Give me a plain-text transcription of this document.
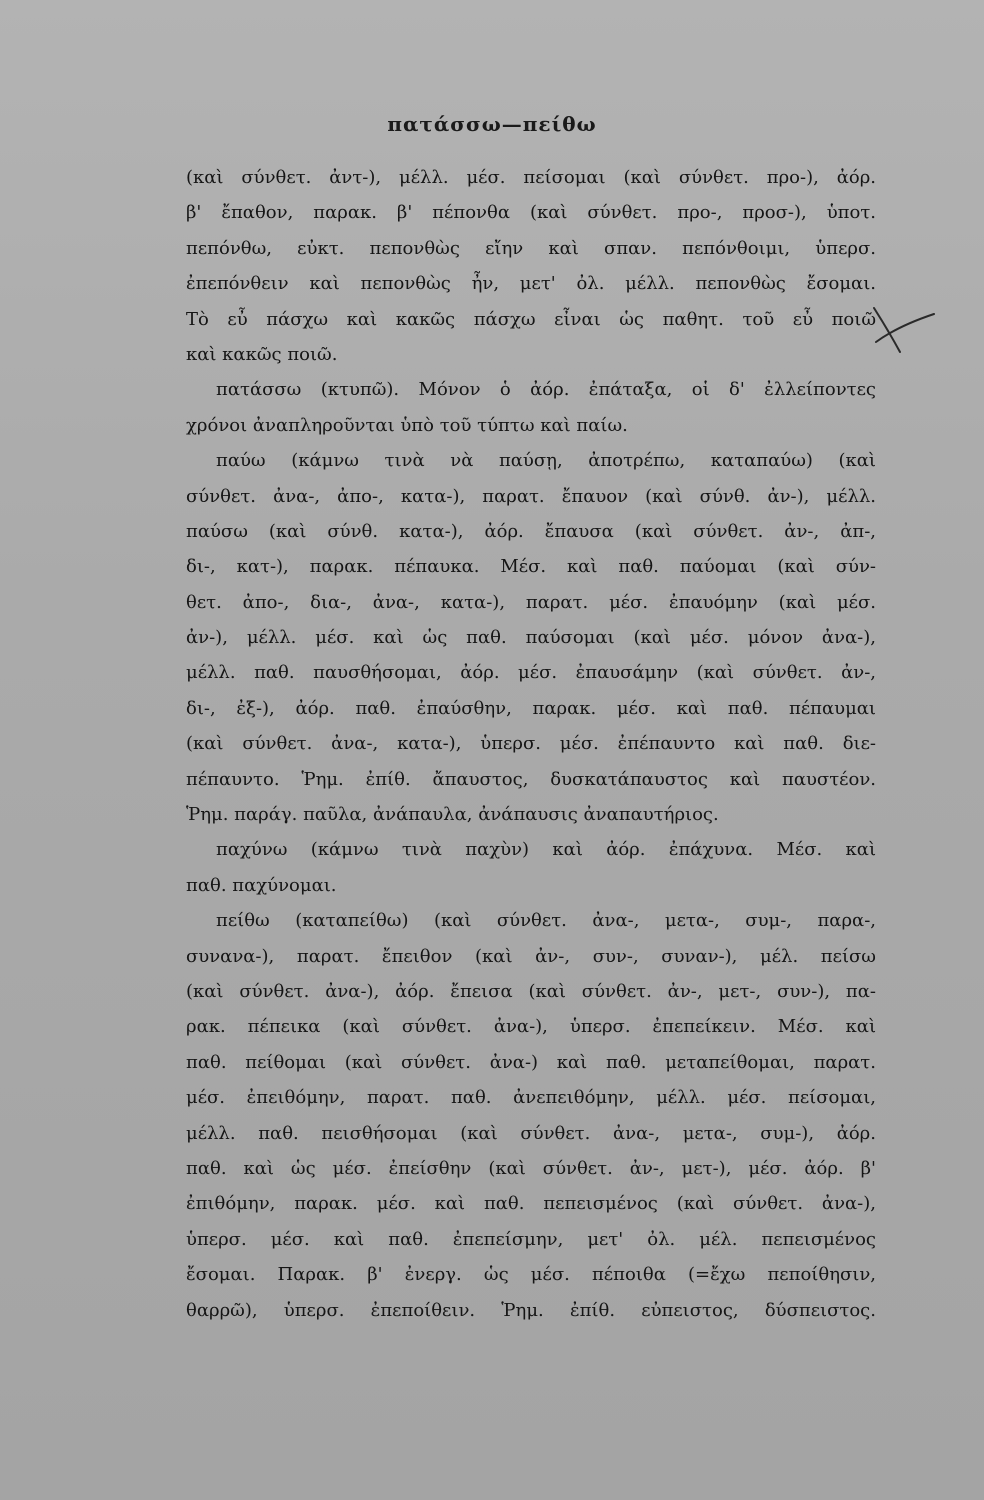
πατάσσω—πείθω
(καὶ σύνθετ. ἀντ-), μέλλ. μέσ. πείσομαι (καὶ σύνθετ. προ-), ἀόρ.
β' ἔπαθον, παρακ. β' πέπονθα (καὶ σύνθετ. προ-, προσ-), ὑποτ.
πεπόνθω, εὐκτ. πεπονθὼς εἴην καὶ σπαν. πεπόνθοιμι, ὑπερσ.
ἐπεπόνθειν καὶ πεπονθὼς ἦν, μετ' ὀλ. μέλλ. πεπονθὼς ἔσομαι.
Τὸ εὖ πάσχω καὶ κακῶς πάσχω εἶναι ὡς παθητ. τοῦ εὖ ποιῶ
καὶ κακῶς ποιῶ.
πατάσσω (κτυπῶ). Μόνον ὁ ἀόρ. ἐπάταξα, οἱ δ' ἐλλείποντες
χρόνοι ἀναπληροῦνται ὑπὸ τοῦ τύπτω καὶ παίω.
παύω (κάμνω τινὰ νὰ παύσῃ, ἀποτρέπω, καταπαύω) (καὶ
σύνθετ. ἀνα-, ἀπο-, κατα-), παρατ. ἔπαυον (καὶ σύνθ. ἀν-), μέλλ.
παύσω (καὶ σύνθ. κατα-), ἀόρ. ἔπαυσα (καὶ σύνθετ. ἀν-, ἀπ-,
δι-, κατ-), παρακ. πέπαυκα. Μέσ. καὶ παθ. παύομαι (καὶ σύν-
θετ. ἀπο-, δια-, ἀνα-, κατα-), παρατ. μέσ. ἐπαυόμην (καὶ μέσ.
ἀν-), μέλλ. μέσ. καὶ ὡς παθ. παύσομαι (καὶ μέσ. μόνον ἀνα-),
μέλλ. παθ. παυσθήσομαι, ἀόρ. μέσ. ἐπαυσάμην (καὶ σύνθετ. ἀν-,
δι-, ἐξ-), ἀόρ. παθ. ἐπαύσθην, παρακ. μέσ. καὶ παθ. πέπαυμαι
(καὶ σύνθετ. ἀνα-, κατα-), ὑπερσ. μέσ. ἐπέπαυντο καὶ παθ. διε-
πέπαυντο. Ῥημ. ἐπίθ. ἄπαυστος, δυσκατάπαυστος καὶ παυστέον.
Ῥημ. παράγ. παῦλα, ἀνάπαυλα, ἀνάπαυσις ἀναπαυτήριος.
παχύνω (κάμνω τινὰ παχὺν) καὶ ἀόρ. ἐπάχυνα. Μέσ. καὶ
παθ. παχύνομαι.
πείθω (καταπείθω) (καὶ σύνθετ. ἀνα-, μετα-, συμ-, παρα-,
συνανα-), παρατ. ἔπειθον (καὶ ἀν-, συν-, συναν-), μέλ. πείσω
(καὶ σύνθετ. ἀνα-), ἀόρ. ἔπεισα (καὶ σύνθετ. ἀν-, μετ-, συν-), πα-
ρακ. πέπεικα (καὶ σύνθετ. ἀνα-), ὑπερσ. ἐπεπείκειν. Μέσ. καὶ
παθ. πείθομαι (καὶ σύνθετ. ἀνα-) καὶ παθ. μεταπείθομαι, παρατ.
μέσ. ἐπειθόμην, παρατ. παθ. ἀνεπειθόμην, μέλλ. μέσ. πείσομαι,
μέλλ. παθ. πεισθήσομαι (καὶ σύνθετ. ἀνα-, μετα-, συμ-), ἀόρ.
παθ. καὶ ὡς μέσ. ἐπείσθην (καὶ σύνθετ. ἀν-, μετ-), μέσ. ἀόρ. β'
ἐπιθόμην, παρακ. μέσ. καὶ παθ. πεπεισμένος (καὶ σύνθετ. ἀνα-),
ὑπερσ. μέσ. καὶ παθ. ἐπεπείσμην, μετ' ὀλ. μέλ. πεπεισμένος
ἔσομαι. Παρακ. β' ἐνεργ. ὡς μέσ. πέποιθα (=ἔχω πεποίθησιν,
θαρρῶ), ὑπερσ. ἐπεποίθειν. Ῥημ. ἐπίθ. εὐπειστος, δύσπειστος.
